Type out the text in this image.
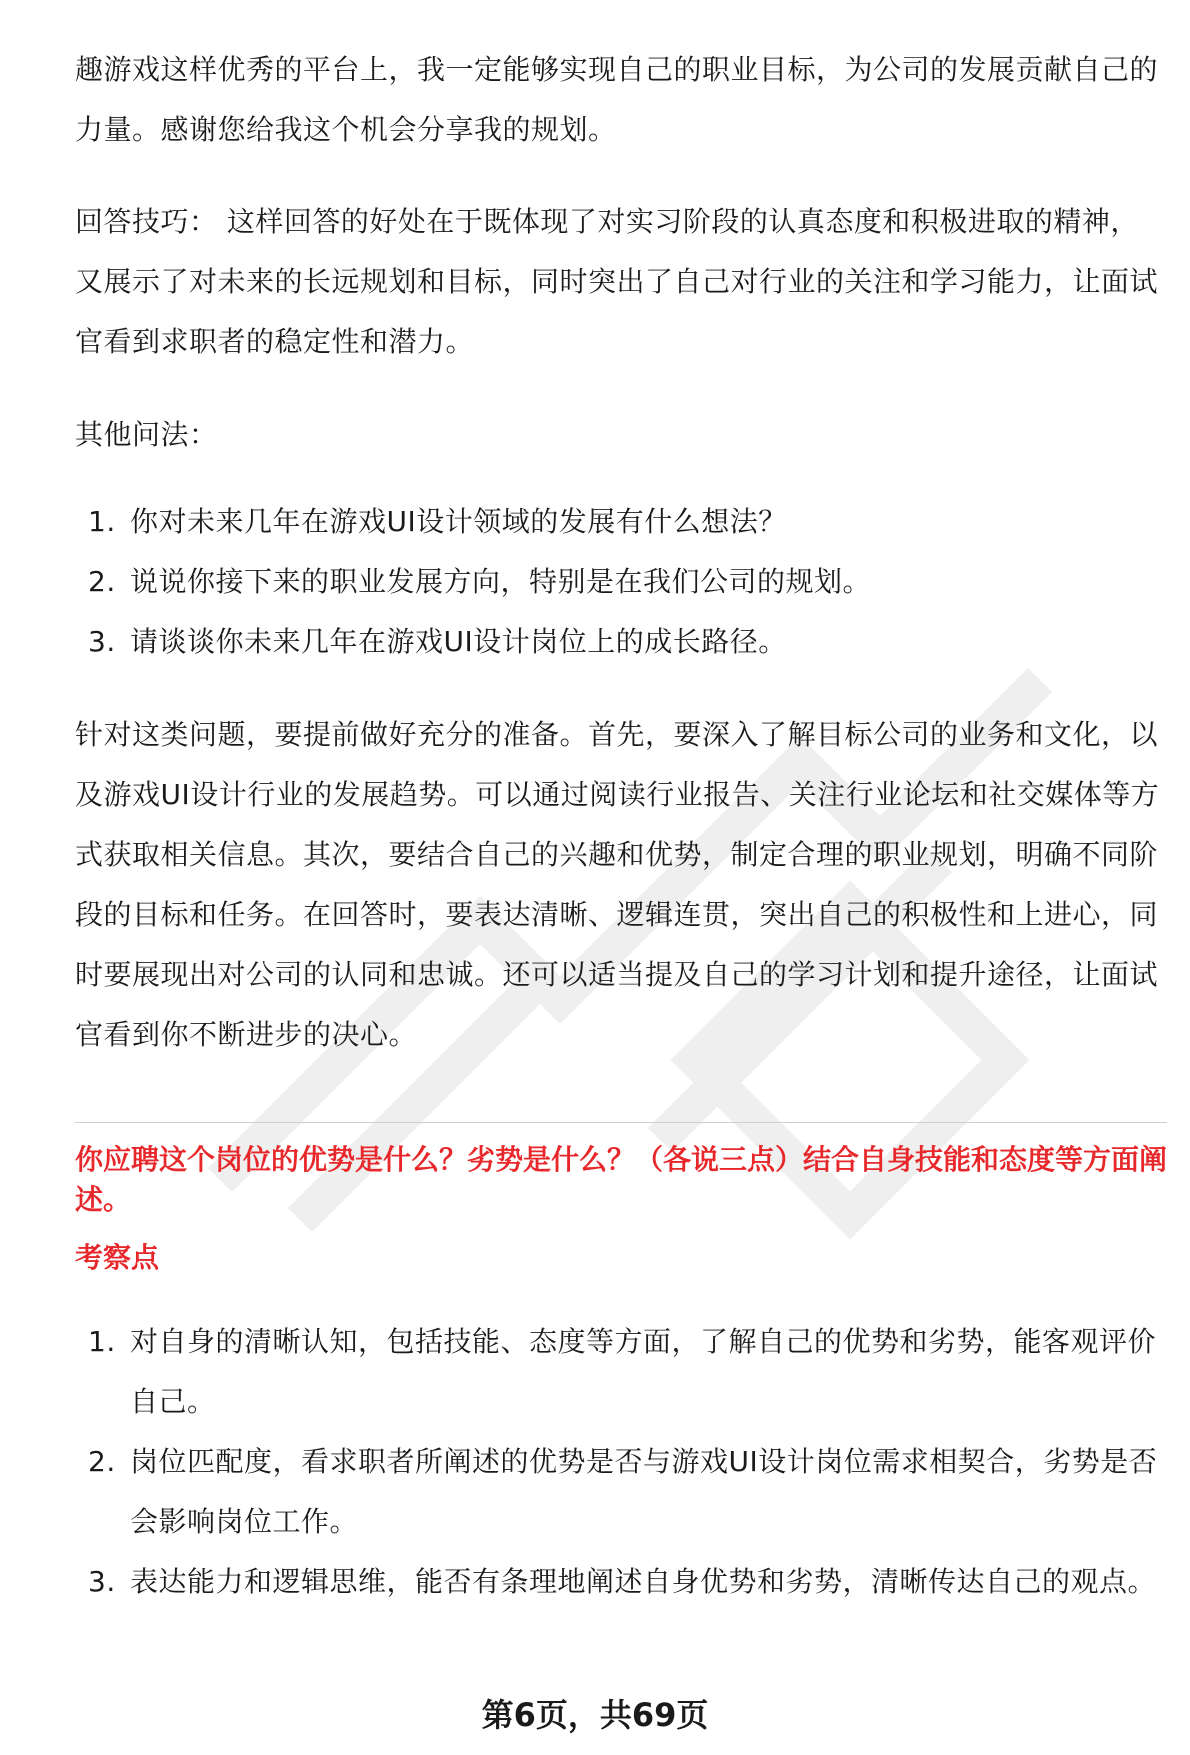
趣游戏这样优秀的平台上，我一定能够实现自己的职业目标，为公司的发展贡献自己的力量。感谢您给我这个机会分享我的规划。

回答技巧： 这样回答的好处在于既体现了对实习阶段的认真态度和积极进取的精神，又展示了对未来的长远规划和目标，同时突出了自己对行业的关注和学习能力，让面试官看到求职者的稳定性和潜力。

其他问法：

1. 你对未来几年在游戏UI设计领域的发展有什么想法？
2. 说说你接下来的职业发展方向，特别是在我们公司的规划。
3. 请谈谈你未来几年在游戏UI设计岗位上的成长路径。

针对这类问题，要提前做好充分的准备。首先，要深入了解目标公司的业务和文化，以及游戏UI设计行业的发展趋势。可以通过阅读行业报告、关注行业论坛和社交媒体等方式获取相关信息。其次，要结合自己的兴趣和优势，制定合理的职业规划，明确不同阶段的目标和任务。在回答时，要表达清晰、逻辑连贯，突出自己的积极性和上进心，同时要展现出对公司的认同和忠诚。还可以适当提及自己的学习计划和提升途径，让面试官看到你不断进步的决心。

你应聘这个岗位的优势是什么？劣势是什么？（各说三点）结合自身技能和态度等方面阐述。
考察点
1. 对自身的清晰认知，包括技能、态度等方面，了解自己的优势和劣势，能客观评价自己。
2. 岗位匹配度，看求职者所阐述的优势是否与游戏UI设计岗位需求相契合，劣势是否会影响岗位工作。
3. 表达能力和逻辑思维，能否有条理地阐述自身优势和劣势，清晰传达自己的观点。
第6页，共69页
